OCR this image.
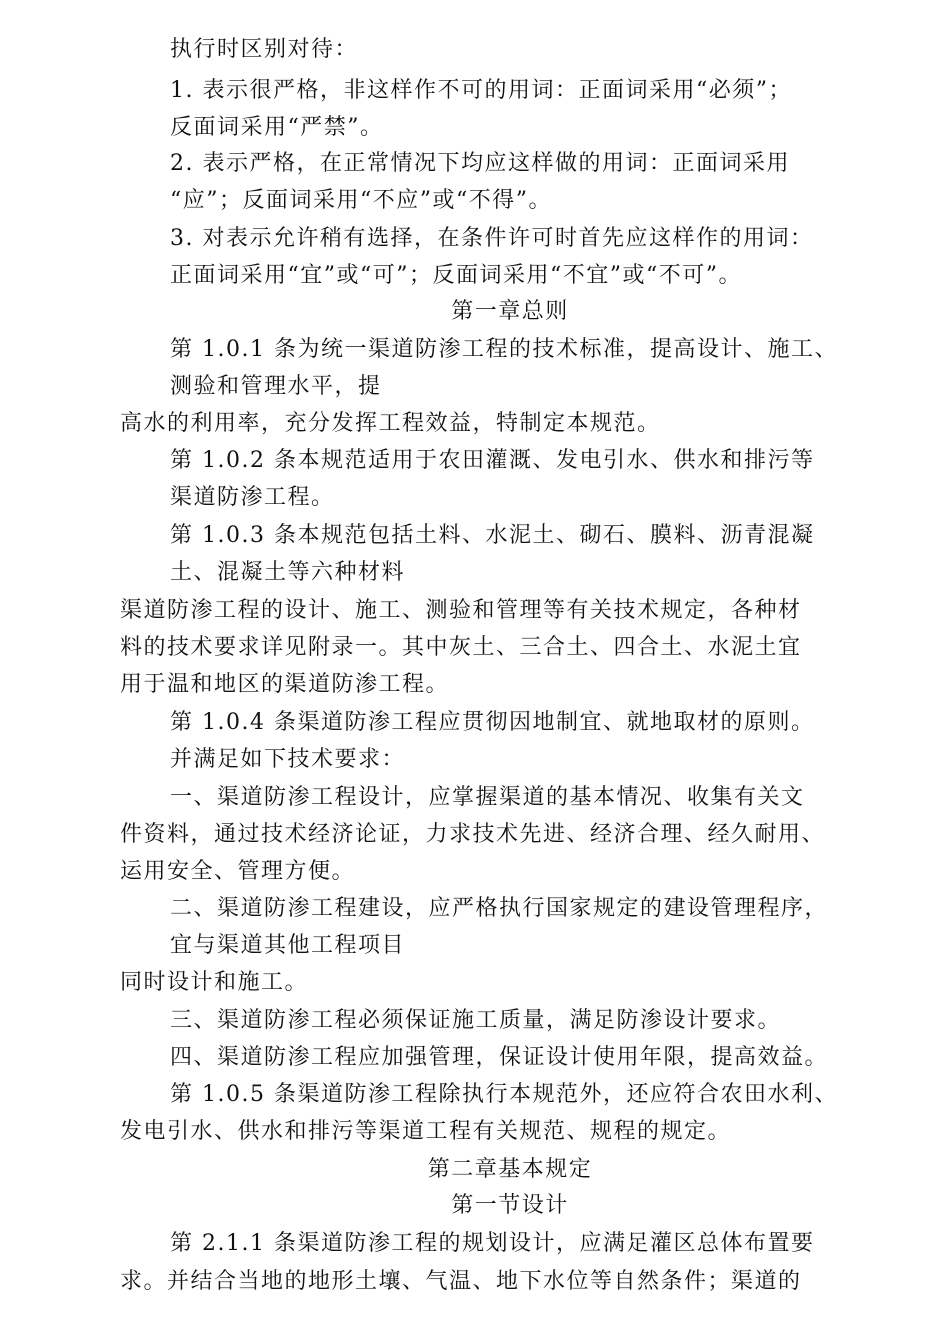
执行时区别对待：
1. 表示很严格，非这样作不可的用词：正面词采用“必须”；
反面词采用“严禁”。
2. 表示严格，在正常情况下均应这样做的用词：正面词采用
“应”；反面词采用“不应”或“不得”。
3. 对表示允许稍有选择，在条件许可时首先应这样作的用词：
正面词采用“宜”或“可”；反面词采用“不宜”或“不可”。
第一章总则
第 1.0.1 条为统一渠道防渗工程的技术标准，提高设计、施工、
测验和管理水平，提
高水的利用率，充分发挥工程效益，特制定本规范。
第 1.0.2 条本规范适用于农田灌溉、发电引水、供水和排污等
渠道防渗工程。
第 1.0.3 条本规范包括土料、水泥土、砌石、膜料、沥青混凝
土、混凝土等六种材料
渠道防渗工程的设计、施工、测验和管理等有关技术规定，各种材
料的技术要求详见附录一。其中灰土、三合土、四合土、水泥土宜
用于温和地区的渠道防渗工程。
第 1.0.4 条渠道防渗工程应贯彻因地制宜、就地取材的原则。
并满足如下技术要求：
一、渠道防渗工程设计，应掌握渠道的基本情况、收集有关文
件资料，通过技术经济论证，力求技术先进、经济合理、经久耐用、
运用安全、管理方便。
二、渠道防渗工程建设，应严格执行国家规定的建设管理程序，
宜与渠道其他工程项目
同时设计和施工。
三、渠道防渗工程必须保证施工质量，满足防渗设计要求。
四、渠道防渗工程应加强管理，保证设计使用年限，提高效益。
第 1.0.5 条渠道防渗工程除执行本规范外，还应符合农田水利、
发电引水、供水和排污等渠道工程有关规范、规程的规定。
第二章基本规定
第一节设计
第 2.1.1 条渠道防渗工程的规划设计，应满足灌区总体布置要
求。并结合当地的地形土壤、气温、地下水位等自然条件；渠道的
